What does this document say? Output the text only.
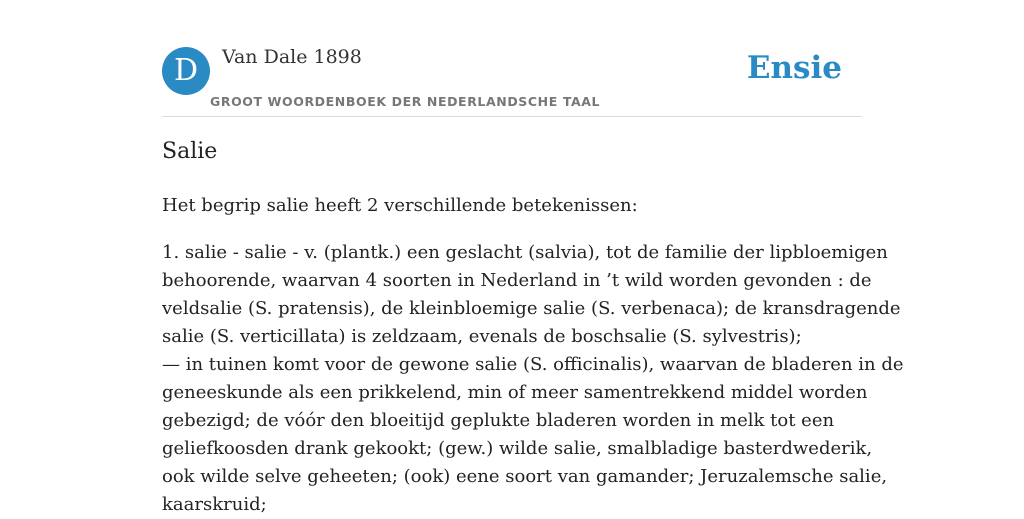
D	Van Dale 1898
GROOT WOORDENBOEK DER NEDERLANDSCHE TAAL
Ensie
Salie

Het begrip salie heeft 2 verschillende betekenissen:

1. salie - salie - v. (plantk.) een geslacht (salvia), tot de familie der lipbloemigen
behoorende, waarvan 4 soorten in Nederland in ’t wild worden gevonden : de
veldsalie (S. pratensis), de kleinbloemige salie (S. verbenaca); de kransdragende
salie (S. verticillata) is zeldzaam, evenals de boschsalie (S. sylvestris);
— in tuinen komt voor de gewone salie (S. officinalis), waarvan de bladeren in de
geneeskunde als een prikkelend, min of meer samentrekkend middel worden
gebezigd; de vóór den bloeitijd geplukte bladeren worden in melk tot een
geliefkoosden drank gekookt; (gew.) wilde salie, smalbladige basterdwederik,
ook wilde selve geheeten; (ook) eene soort van gamander; Jeruzalemsche salie,
kaarskruid;
